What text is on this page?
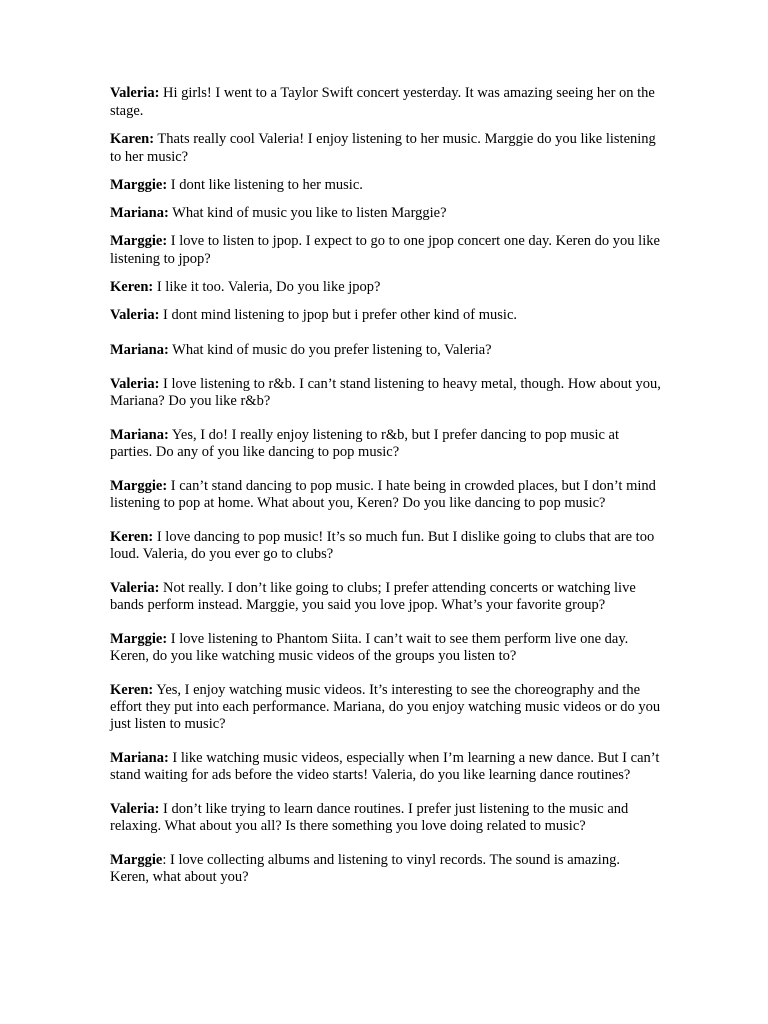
Valeria: Hi girls! I went to a Taylor Swift concert yesterday. It was amazing seeing her on the stage.

Karen: Thats really cool Valeria! I enjoy listening to her music. Marggie do you like listening to her music?

Marggie: I dont like listening to her music.

Mariana: What kind of music you like to listen Marggie?

Marggie: I love to listen to jpop. I expect to go to one jpop concert one day. Keren do you like listening to jpop?

Keren: I like it too. Valeria, Do you like jpop?

Valeria: I dont mind listening to jpop but i prefer other kind of music.

Mariana: What kind of music do you prefer listening to, Valeria?

Valeria: I love listening to r&b. I can’t stand listening to heavy metal, though. How about you, Mariana? Do you like r&b?

Mariana: Yes, I do! I really enjoy listening to r&b, but I prefer dancing to pop music at parties. Do any of you like dancing to pop music?

Marggie: I can’t stand dancing to pop music. I hate being in crowded places, but I don’t mind listening to pop at home. What about you, Keren? Do you like dancing to pop music?

Keren: I love dancing to pop music! It’s so much fun. But I dislike going to clubs that are too loud. Valeria, do you ever go to clubs?

Valeria: Not really. I don’t like going to clubs; I prefer attending concerts or watching live bands perform instead. Marggie, you said you love jpop. What’s your favorite group?

Marggie: I love listening to Phantom Siita. I can’t wait to see them perform live one day. Keren, do you like watching music videos of the groups you listen to?

Keren: Yes, I enjoy watching music videos. It’s interesting to see the choreography and the effort they put into each performance. Mariana, do you enjoy watching music videos or do you just listen to music?

Mariana: I like watching music videos, especially when I’m learning a new dance. But I can’t stand waiting for ads before the video starts! Valeria, do you like learning dance routines?

Valeria: I don’t like trying to learn dance routines. I prefer just listening to the music and relaxing. What about you all? Is there something you love doing related to music?

Marggie: I love collecting albums and listening to vinyl records. The sound is amazing. Keren, what about you?
